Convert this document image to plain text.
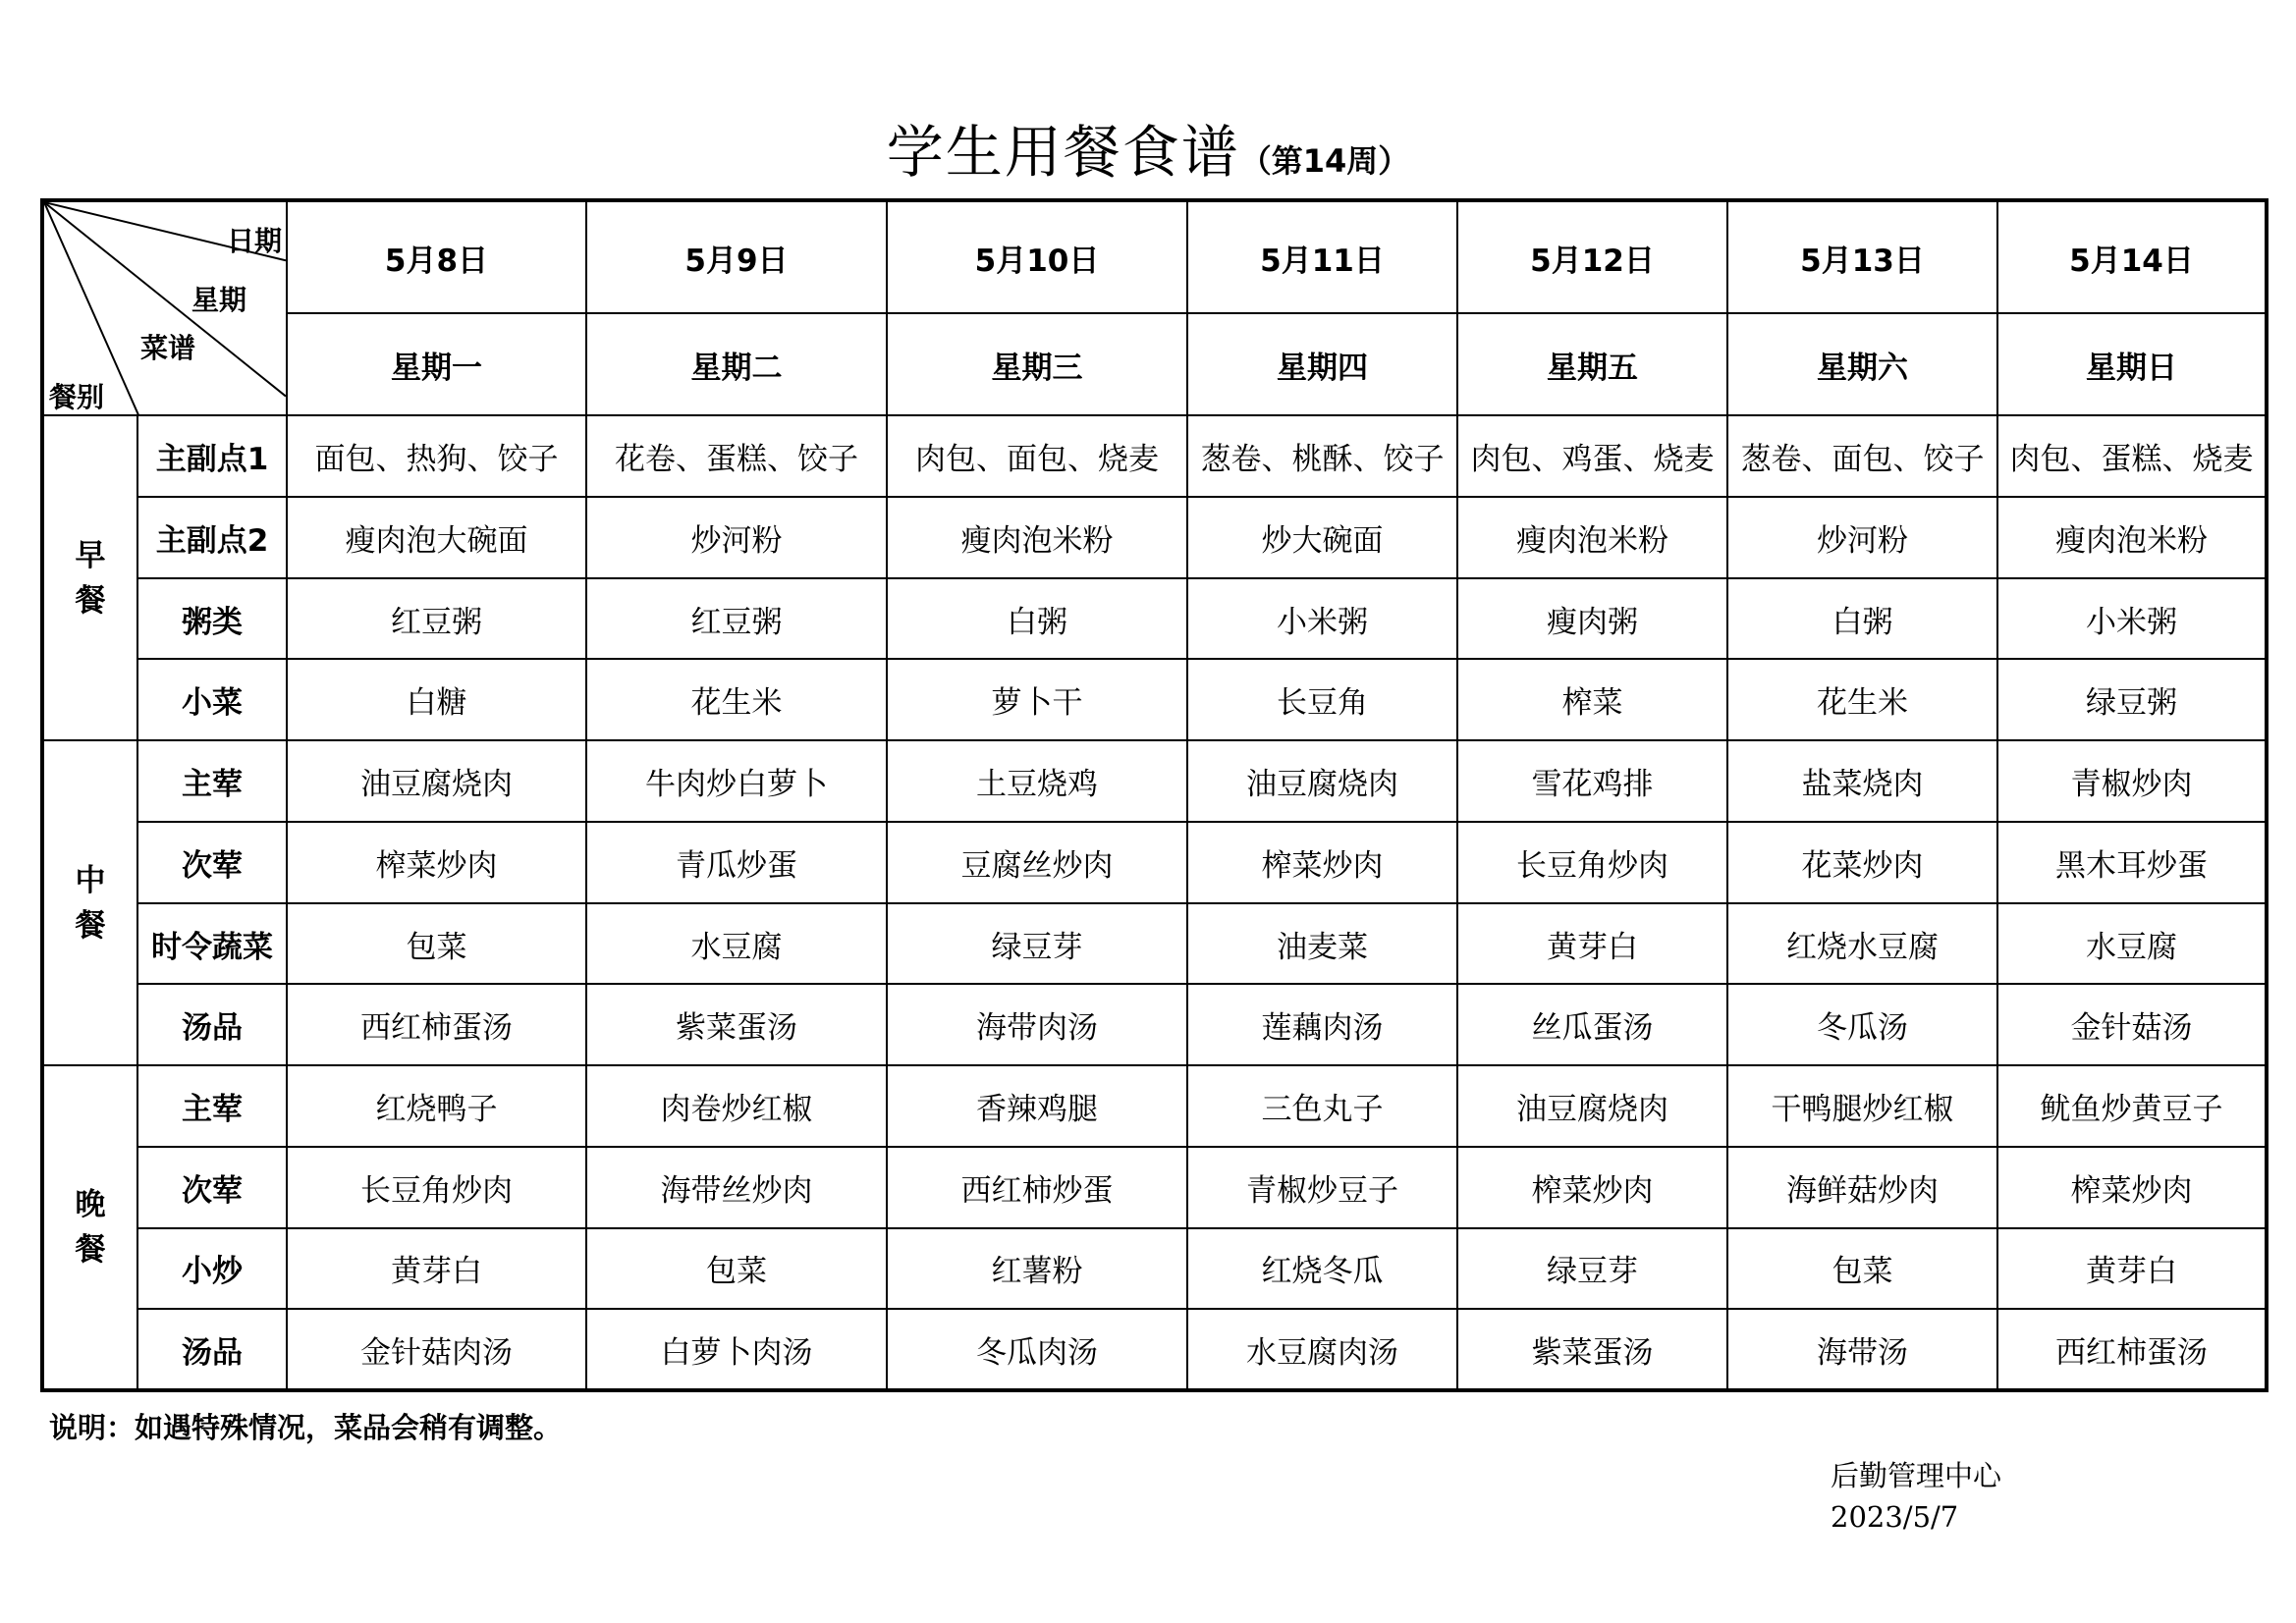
学生用餐食谱（第14周）
日期
星期
菜谱
餐别		5月8日	5月9日	5月10日	5月11日	5月12日	5月13日	5月14日
		星期一	星期二	星期三	星期四	星期五	星期六	星期日
早
餐	主副点1	面包、热狗、饺子	花卷、蛋糕、饺子	肉包、面包、烧麦	葱卷、桃酥、饺子	肉包、鸡蛋、烧麦	葱卷、面包、饺子	肉包、蛋糕、烧麦
	主副点2	瘦肉泡大碗面	炒河粉	瘦肉泡米粉	炒大碗面	瘦肉泡米粉	炒河粉	瘦肉泡米粉
	粥类	红豆粥	红豆粥	白粥	小米粥	瘦肉粥	白粥	小米粥
	小菜	白糖	花生米	萝卜干	长豆角	榨菜	花生米	绿豆粥
中
餐	主荤	油豆腐烧肉	牛肉炒白萝卜	土豆烧鸡	油豆腐烧肉	雪花鸡排	盐菜烧肉	青椒炒肉
	次荤	榨菜炒肉	青瓜炒蛋	豆腐丝炒肉	榨菜炒肉	长豆角炒肉	花菜炒肉	黑木耳炒蛋
	时令蔬菜	包菜	水豆腐	绿豆芽	油麦菜	黄芽白	红烧水豆腐	水豆腐
	汤品	西红柿蛋汤	紫菜蛋汤	海带肉汤	莲藕肉汤	丝瓜蛋汤	冬瓜汤	金针菇汤
晚
餐	主荤	红烧鸭子	肉卷炒红椒	香辣鸡腿	三色丸子	油豆腐烧肉	干鸭腿炒红椒	鱿鱼炒黄豆子
	次荤	长豆角炒肉	海带丝炒肉	西红柿炒蛋	青椒炒豆子	榨菜炒肉	海鲜菇炒肉	榨菜炒肉
	小炒	黄芽白	包菜	红薯粉	红烧冬瓜	绿豆芽	包菜	黄芽白
	汤品	金针菇肉汤	白萝卜肉汤	冬瓜肉汤	水豆腐肉汤	紫菜蛋汤	海带汤	西红柿蛋汤
说明：如遇特殊情况，菜品会稍有调整。
后勤管理中心
2023/5/7
